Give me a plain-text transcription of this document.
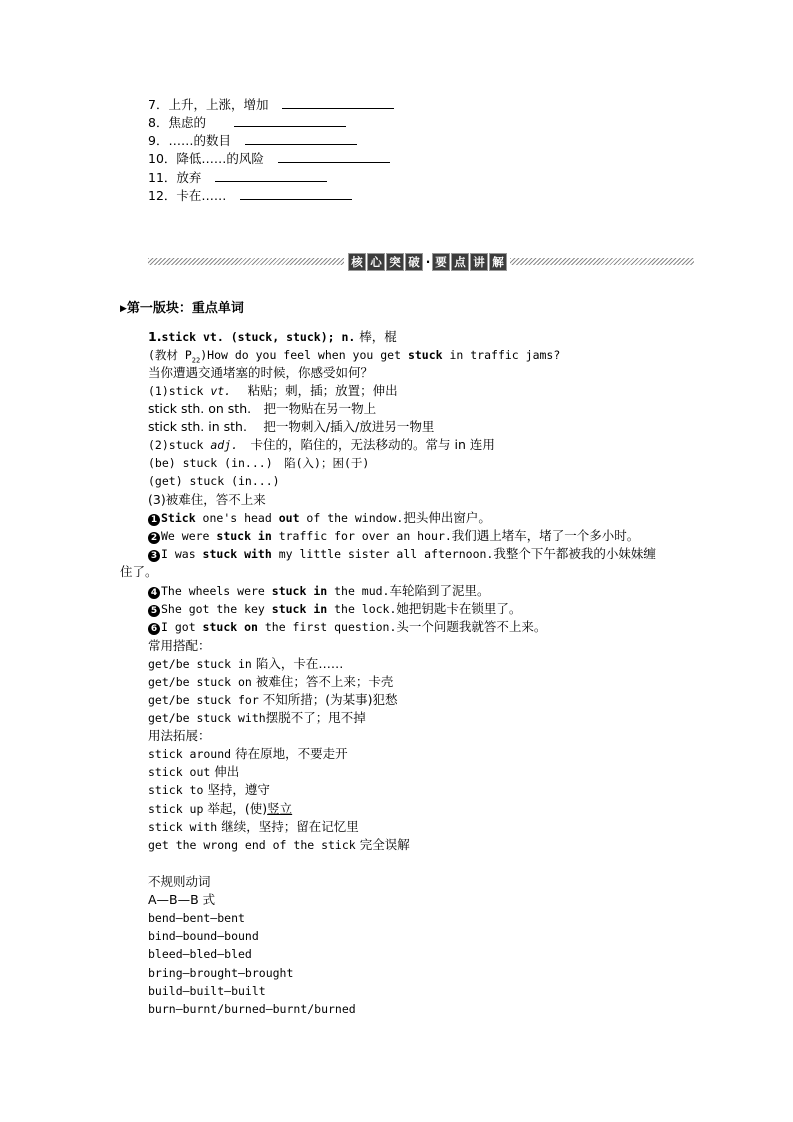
7．上升，上涨，增加
8．焦虑的
9．……的数目
10．降低……的风险
11．放弃
12．卡在……
核 心 突 破 · 要 点 讲 解
▶第一版块：重点单词
1.stick vt. (stuck, stuck); n. 棒，棍
(教材 $P_{22})How$ do you feel when you get stuck in traffic jams?
当你遭遇交通堵塞的时候，你感受如何？
(1)stick vt.　 粘贴；刺，插；放置；伸出
stick sth. on sth.　把一物贴在另一物上
stick sth. in sth.　 把一物刺入/插入/放进另一物里
(2)stuck adj.　卡住的，陷住的，无法移动的。常与 in 连用
(be) stuck (in...)　陷(入)；困(于)
(get) stuck (in...)
(3)被难住，答不上来
1 Stick one's head out of the window.把头伸出窗户。
2 We were stuck in traffic for over an hour.我们遇上堵车，堵了一个多小时。
3 I was stuck with my little sister all afternoon.我整个下午都被我的小妹妹缠
住了。
4 The wheels were stuck in the mud.车轮陷到了泥里。
5 She got the key stuck in the lock.她把钥匙卡在锁里了。
6 I got stuck on the first question.头一个问题我就答不上来。
常用搭配：
get/be stuck in 陷入，卡在……
get/be stuck on 被难住；答不上来；卡壳
get/be stuck for 不知所措；(为某事)犯愁
get/be stuck with摆脱不了；甩不掉
用法拓展：
stick around 待在原地，不要走开
stick out 伸出
stick to 坚持，遵守
stick up 举起，(使)竖立
stick with 继续，坚持；留在记忆里
get the wrong end of the stick 完全误解
不规则动词
A—B—B 式
bend—bent—bent
bind—bound—bound
bleed—bled—bled
bring—brought—brought
build—built—built
burn—burnt/burned—burnt/burned
